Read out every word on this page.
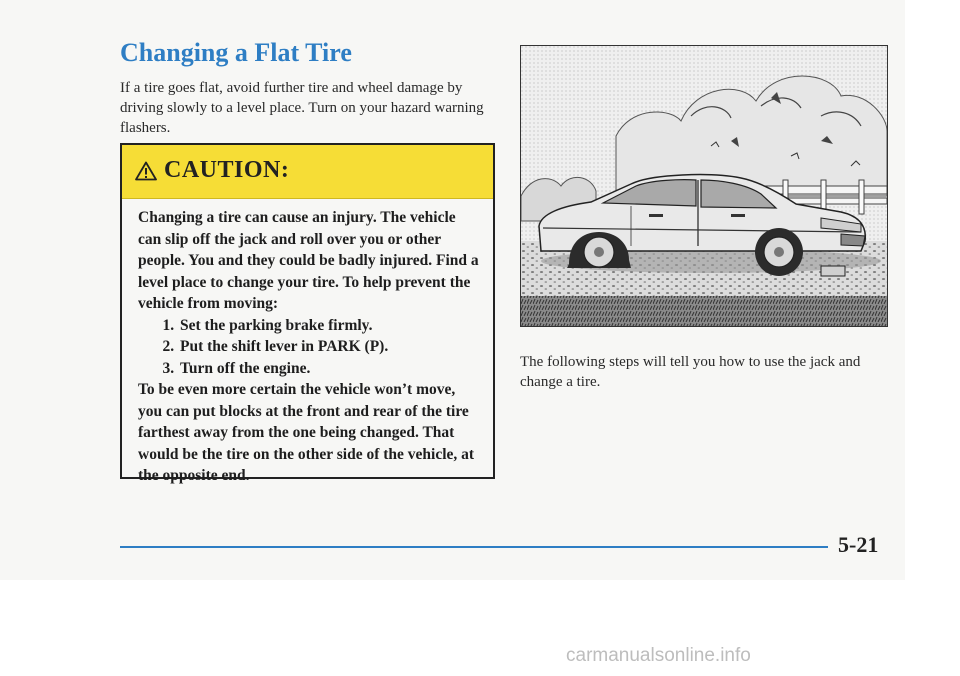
Changing a Flat Tire

If a tire goes flat, avoid further tire and wheel damage by driving slowly to a level place. Turn on your hazard warning flashers.

CAUTION:

Changing a tire can cause an injury. The vehicle can slip off the jack and roll over you or other people. You and they could be badly injured. Find a level place to change your tire. To help prevent the vehicle from moving:

1. Set the parking brake firmly.
2. Put the shift lever in PARK (P).
3. Turn off the engine.

To be even more certain the vehicle won’t move, you can put blocks at the front and rear of the tire farthest away from the one being changed. That would be the tire on the other side of the vehicle, at the opposite end.

The following steps will tell you how to use the jack and change a tire.

5-21
carmanualsonline.info
